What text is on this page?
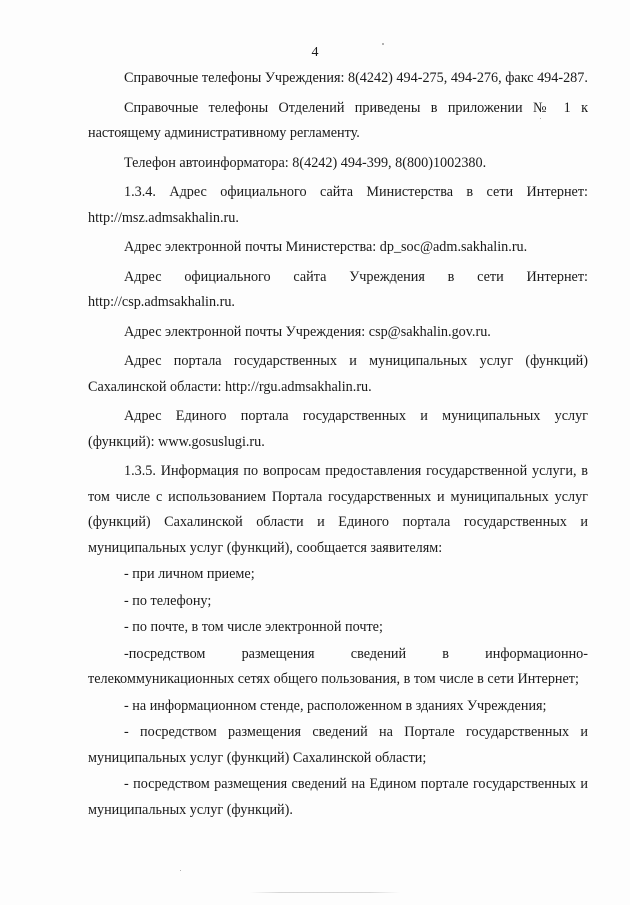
4

Справочные телефоны Учреждения: 8(4242) 494-275, 494-276, факс 494-287.

Справочные телефоны Отделений приведены в приложении № 1 к настоящему административному регламенту.

Телефон автоинформатора: 8(4242) 494-399, 8(800)1002380.

1.3.4. Адрес официального сайта Министерства в сети Интернет: http://msz.admsakhalin.ru.

Адрес электронной почты Министерства: dp_soc@adm.sakhalin.ru.

Адрес официального сайта Учреждения в сети Интернет: http://csp.admsakhalin.ru.

Адрес электронной почты Учреждения: csp@sakhalin.gov.ru.

Адрес портала государственных и муниципальных услуг (функций) Сахалинской области: http://rgu.admsakhalin.ru.

Адрес Единого портала государственных и муниципальных услуг (функций): www.gosuslugi.ru.

1.3.5. Информация по вопросам предоставления государственной услуги, в том числе с использованием Портала государственных и муниципальных услуг (функций) Сахалинской области и Единого портала государственных и муниципальных услуг (функций), сообщается заявителям:

- при личном приеме;

- по телефону;

- по почте, в том числе электронной почте;

-посредством размещения сведений в информационно-телекоммуникационных сетях общего пользования, в том числе в сети Интернет;

- на информационном стенде, расположенном в зданиях Учреждения;

- посредством размещения сведений на Портале государственных и муниципальных услуг (функций) Сахалинской области;

- посредством размещения сведений на Едином портале государственных и муниципальных услуг (функций).
